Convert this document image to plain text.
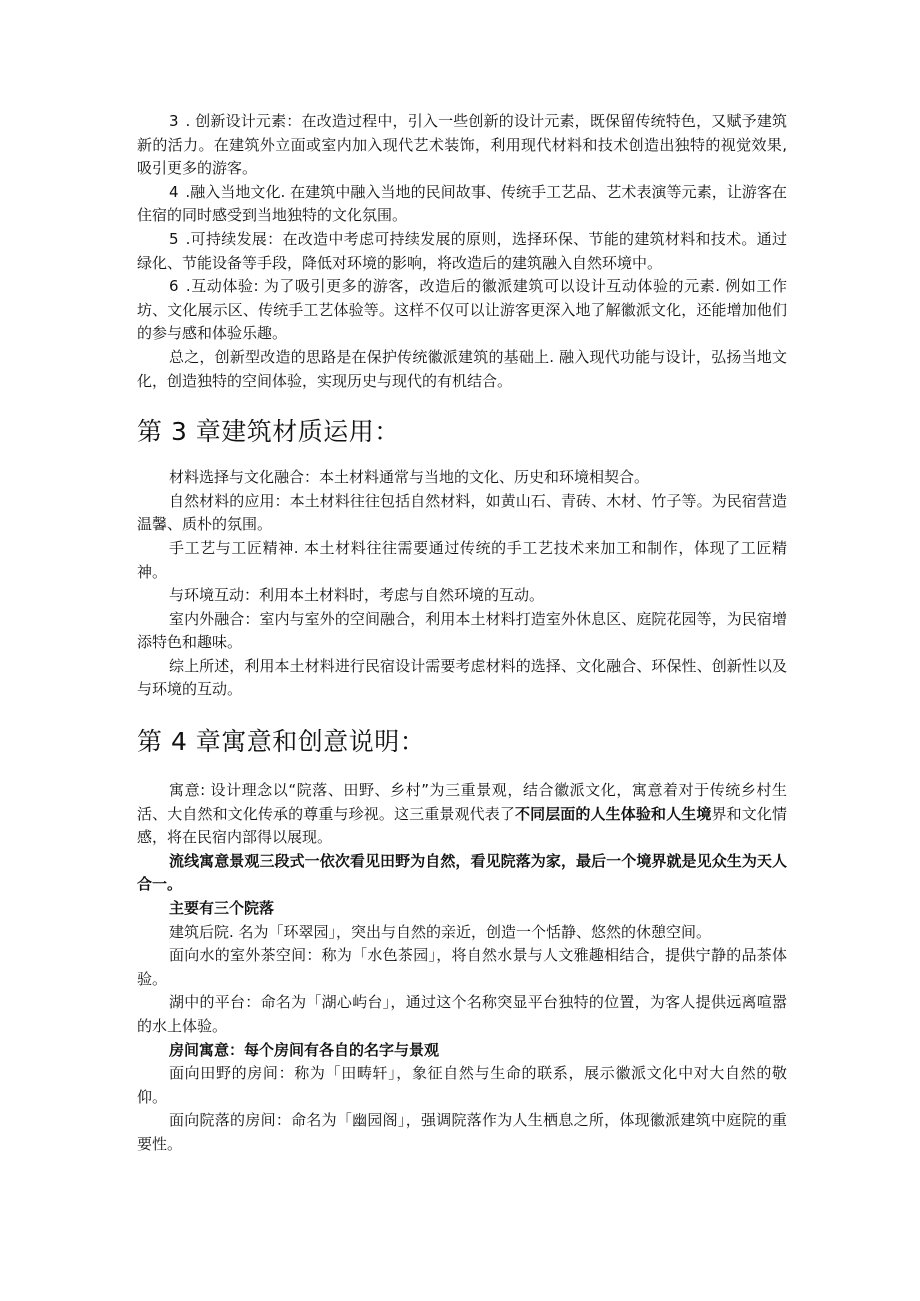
3 . 创新设计元素：在改造过程中，引入一些创新的设计元素，既保留传统特色，又赋予建筑新的活力。在建筑外立面或室内加入现代艺术装饰，利用现代材料和技术创造出独特的视觉效果, 吸引更多的游客。

4 .融入当地文化. 在建筑中融入当地的民间故事、传统手工艺品、艺术表演等元素，让游客在住宿的同时感受到当地独特的文化氛围。

5 .可持续发展：在改造中考虑可持续发展的原则，选择环保、节能的建筑材料和技术。通过绿化、节能设备等手段，降低对环境的影响，将改造后的建筑融入自然环境中。

6 .互动体验: 为了吸引更多的游客，改造后的徽派建筑可以设计互动体验的元素. 例如工作坊、文化展示区、传统手工艺体验等。这样不仅可以让游客更深入地了解徽派文化，还能增加他们的参与感和体验乐趣。

总之，创新型改造的思路是在保护传统徽派建筑的基础上. 融入现代功能与设计，弘扬当地文化，创造独特的空间体验，实现历史与现代的有机结合。

第 3 章建筑材质运用：

材料选择与文化融合：本土材料通常与当地的文化、历史和环境相契合。

自然材料的应用：本土材料往往包括自然材料，如黄山石、青砖、木材、竹子等。为民宿营造温馨、质朴的氛围。

手工艺与工匠精神. 本土材料往往需要通过传统的手工艺技术来加工和制作，体现了工匠精神。

与环境互动：利用本土材料时，考虑与自然环境的互动。

室内外融合：室内与室外的空间融合，利用本土材料打造室外休息区、庭院花园等，为民宿增添特色和趣味。

综上所述，利用本土材料进行民宿设计需要考虑材料的选择、文化融合、环保性、创新性以及与环境的互动。

第 4 章寓意和创意说明：

寓意: 设计理念以“院落、田野、乡村”为三重景观，结合徽派文化，寓意着对于传统乡村生活、大自然和文化传承的尊重与珍视。这三重景观代表了不同层面的人生体验和人生境界和文化情感，将在民宿内部得以展现。

流线寓意景观三段式一依次看见田野为自然，看见院落为家，最后一个境界就是见众生为天人合一。

主要有三个院落

建筑后院. 名为「环翠园」，突出与自然的亲近，创造一个恬静、悠然的休憩空间。

面向水的室外茶空间：称为「水色茶园」，将自然水景与人文雅趣相结合，提供宁静的品茶体验。

湖中的平台：命名为「湖心屿台」，通过这个名称突显平台独特的位置，为客人提供远离喧嚣的水上体验。

房间寓意：每个房间有各自的名字与景观

面向田野的房间：称为「田畴轩」，象征自然与生命的联系，展示徽派文化中对大自然的敬仰。

面向院落的房间：命名为「幽园阁」，强调院落作为人生栖息之所，体现徽派建筑中庭院的重要性。
